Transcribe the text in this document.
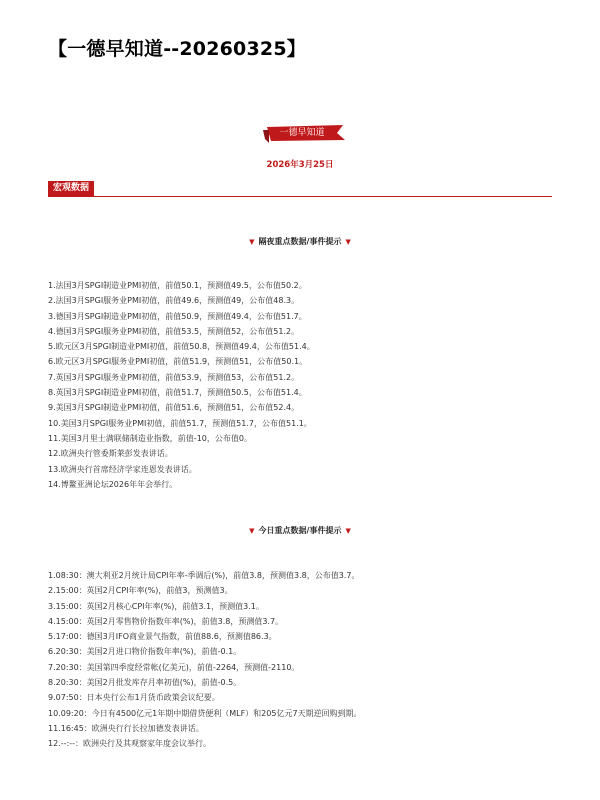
【一德早知道--20260325】
一德早知道
2026年3月25日
宏观数据
▼ 隔夜重点数据/事件提示 ▼
1.法国3月SPGI制造业PMI初值，前值50.1，预测值49.5，公布值50.2。
2.法国3月SPGI服务业PMI初值，前值49.6，预测值49，公布值48.3。
3.德国3月SPGI制造业PMI初值，前值50.9，预测值49.4，公布值51.7。
4.德国3月SPGI服务业PMI初值，前值53.5，预测值52，公布值51.2。
5.欧元区3月SPGI制造业PMI初值，前值50.8，预测值49.4，公布值51.4。
6.欧元区3月SPGI服务业PMI初值，前值51.9，预测值51，公布值50.1。
7.英国3月SPGI服务业PMI初值，前值53.9，预测值53，公布值51.2。
8.英国3月SPGI制造业PMI初值，前值51.7，预测值50.5，公布值51.4。
9.美国3月SPGI制造业PMI初值，前值51.6，预测值51，公布值52.4。
10.美国3月SPGI服务业PMI初值，前值51.7，预测值51.7，公布值51.1。
11.美国3月里士满联储制造业指数，前值-10，公布值0。
12.欧洲央行管委斯莱彭发表讲话。
13.欧洲央行首席经济学家连恩发表讲话。
14.博鳌亚洲论坛2026年年会举行。
▼ 今日重点数据/事件提示 ▼
1.08:30：澳大利亚2月统计局CPI年率-季调后(%)，前值3.8，预测值3.8，公布值3.7。
2.15:00：英国2月CPI年率(%)，前值3，预测值3。
3.15:00：英国2月核心CPI年率(%)，前值3.1，预测值3.1。
4.15:00：英国2月零售物价指数年率(%)，前值3.8，预测值3.7。
5.17:00：德国3月IFO商业景气指数，前值88.6，预测值86.3。
6.20:30：美国2月进口物价指数年率(%)，前值-0.1。
7.20:30：美国第四季度经常帐(亿美元)，前值-2264，预测值-2110。
8.20:30：美国2月批发库存月率初值(%)，前值-0.5。
9.07:50：日本央行公布1月货币政策会议纪要。
10.09:20：今日有4500亿元1年期中期借贷便利（MLF）和205亿元7天期逆回购到期。
11.16:45：欧洲央行行长拉加德发表讲话。
12.--:--：欧洲央行及其观察家年度会议举行。
